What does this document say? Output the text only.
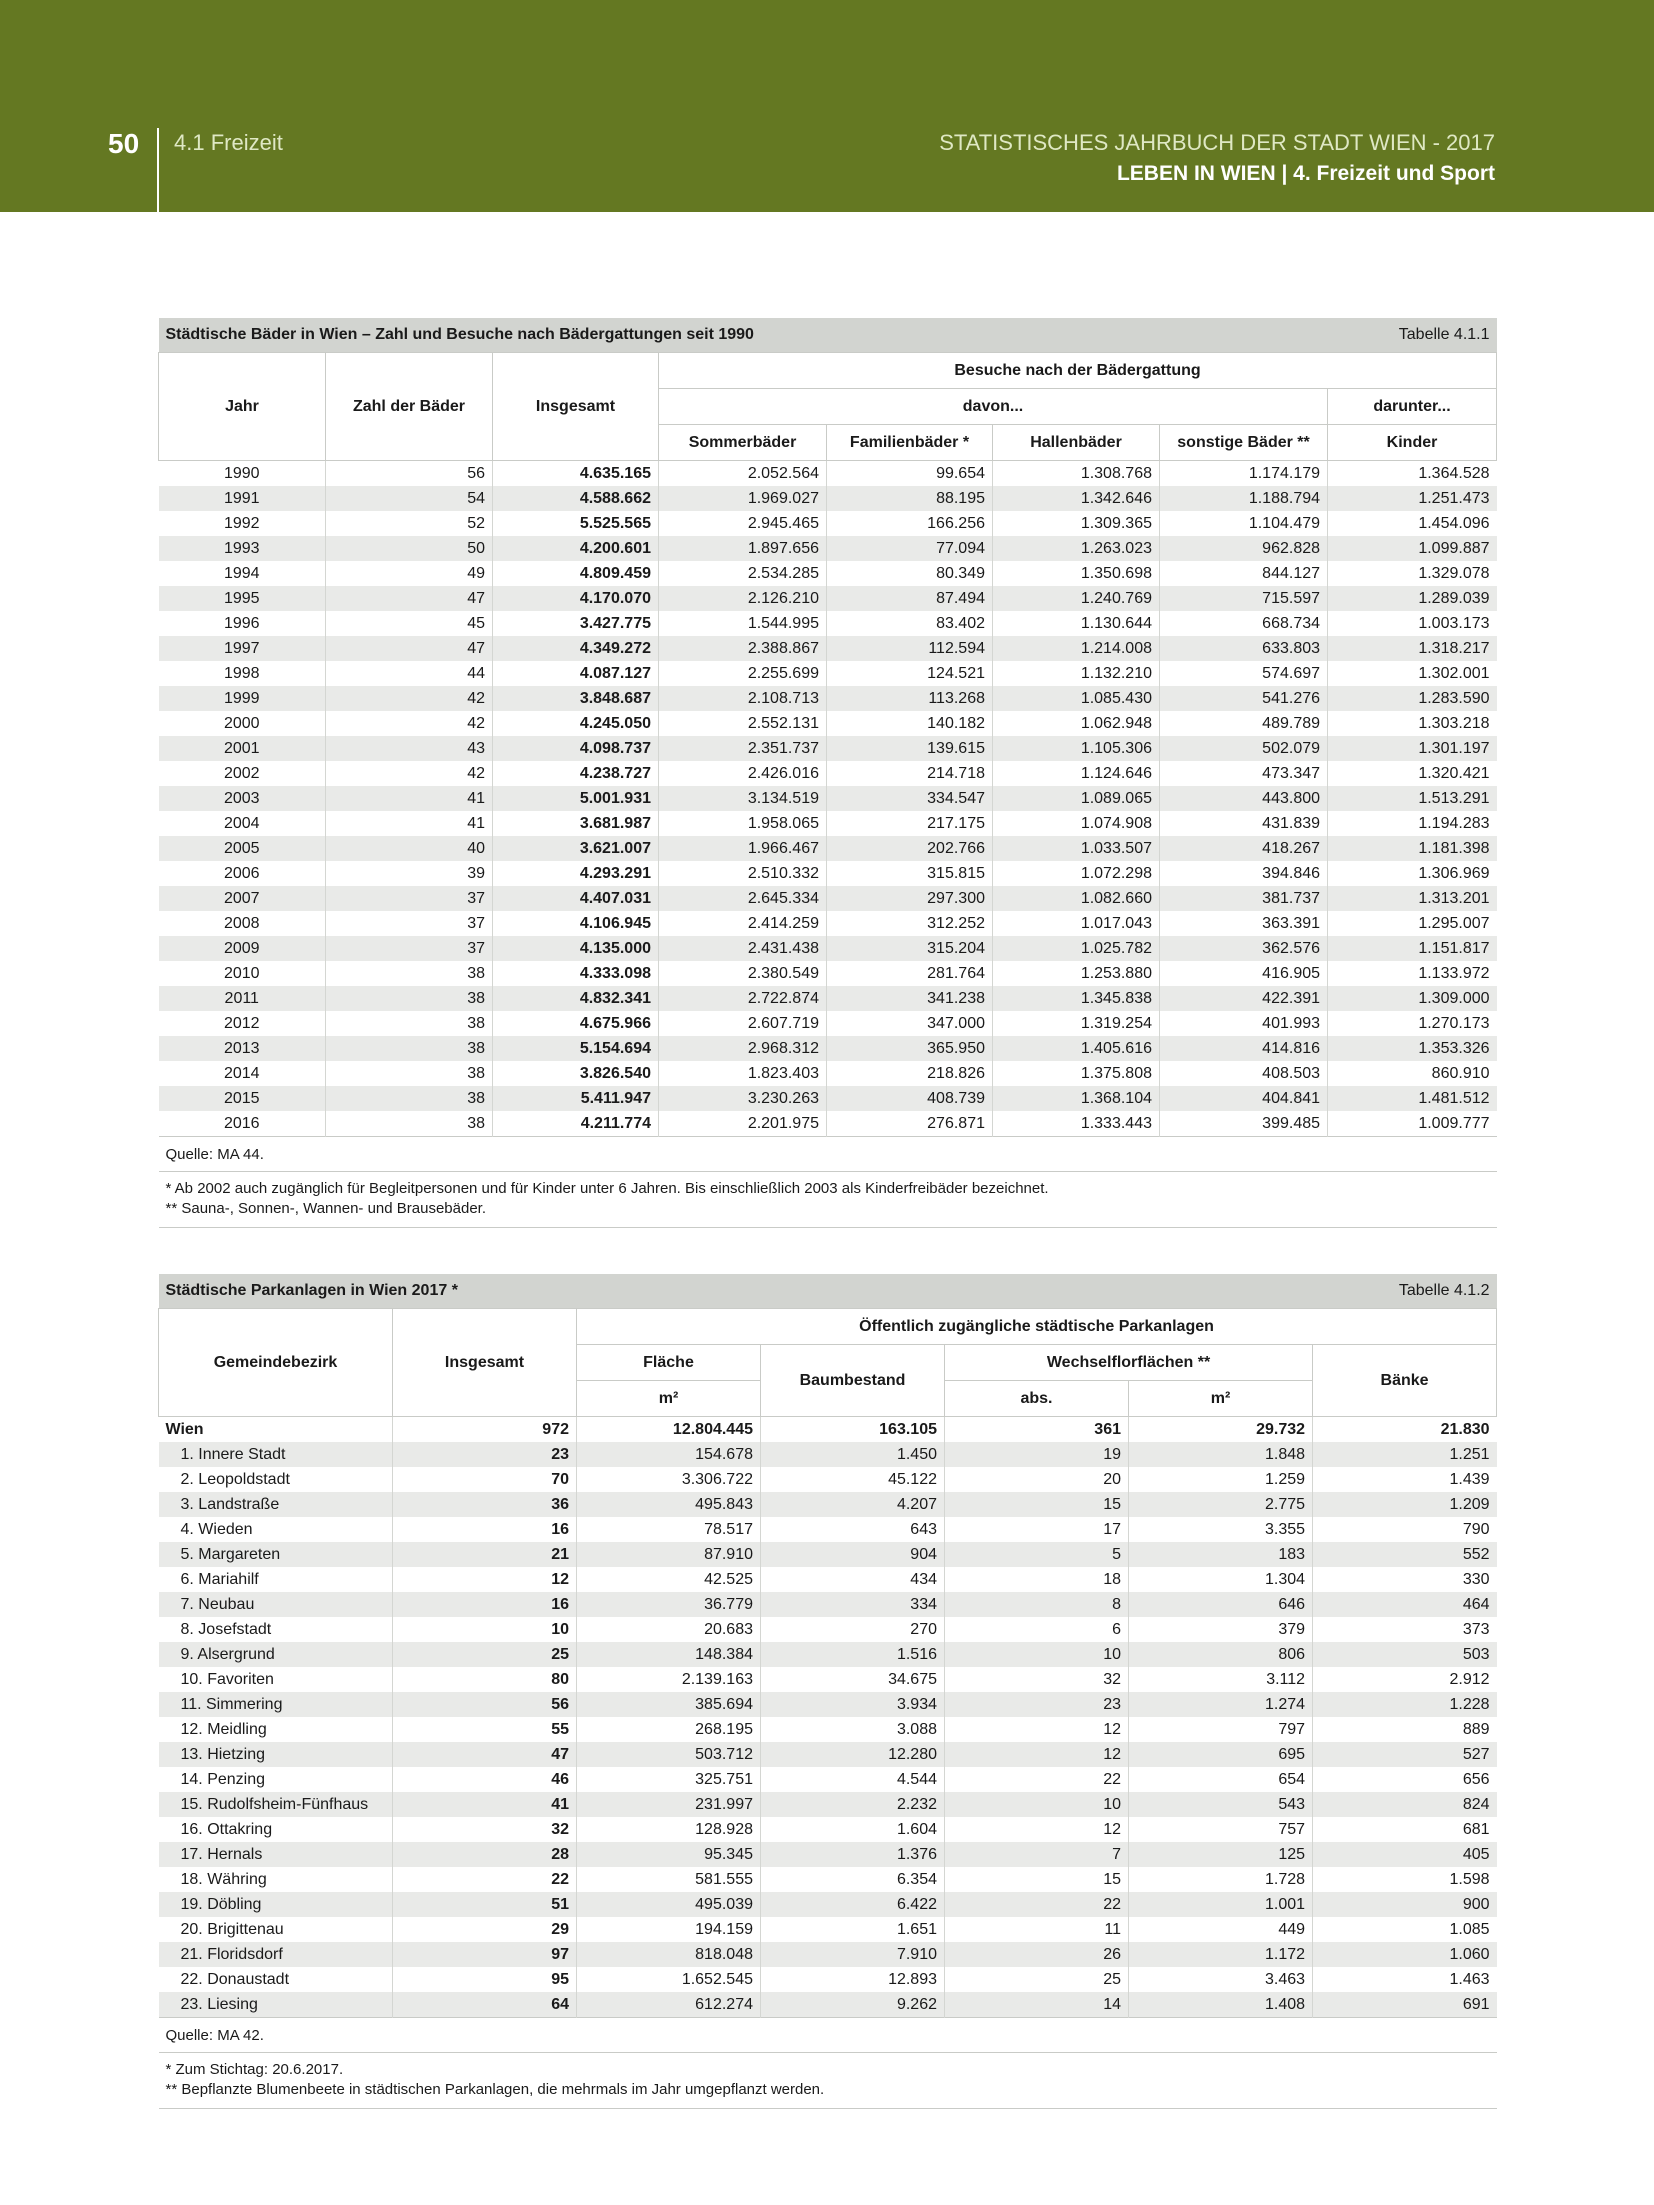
50 4.1 Freizeit	STATISTISCHES JAHRBUCH DER STADT WIEN - 2017
LEBEN IN WIEN | 4. Freizeit und Sport
Städtische Bäder in Wien – Zahl und Besuche nach Bädergattungen seit 1990							Tabelle 4.1.1
Jahr	Zahl der Bäder	Insgesamt	Besuche nach der Bädergattung				
			davon...				darunter...
			Sommerbäder	Familienbäder *	Hallenbäder	sonstige Bäder **	Kinder
1990	56	4.635.165	2.052.564	99.654	1.308.768	1.174.179	1.364.528
1991	54	4.588.662	1.969.027	88.195	1.342.646	1.188.794	1.251.473
1992	52	5.525.565	2.945.465	166.256	1.309.365	1.104.479	1.454.096
1993	50	4.200.601	1.897.656	77.094	1.263.023	962.828	1.099.887
1994	49	4.809.459	2.534.285	80.349	1.350.698	844.127	1.329.078
1995	47	4.170.070	2.126.210	87.494	1.240.769	715.597	1.289.039
1996	45	3.427.775	1.544.995	83.402	1.130.644	668.734	1.003.173
1997	47	4.349.272	2.388.867	112.594	1.214.008	633.803	1.318.217
1998	44	4.087.127	2.255.699	124.521	1.132.210	574.697	1.302.001
1999	42	3.848.687	2.108.713	113.268	1.085.430	541.276	1.283.590
2000	42	4.245.050	2.552.131	140.182	1.062.948	489.789	1.303.218
2001	43	4.098.737	2.351.737	139.615	1.105.306	502.079	1.301.197
2002	42	4.238.727	2.426.016	214.718	1.124.646	473.347	1.320.421
2003	41	5.001.931	3.134.519	334.547	1.089.065	443.800	1.513.291
2004	41	3.681.987	1.958.065	217.175	1.074.908	431.839	1.194.283
2005	40	3.621.007	1.966.467	202.766	1.033.507	418.267	1.181.398
2006	39	4.293.291	2.510.332	315.815	1.072.298	394.846	1.306.969
2007	37	4.407.031	2.645.334	297.300	1.082.660	381.737	1.313.201
2008	37	4.106.945	2.414.259	312.252	1.017.043	363.391	1.295.007
2009	37	4.135.000	2.431.438	315.204	1.025.782	362.576	1.151.817
2010	38	4.333.098	2.380.549	281.764	1.253.880	416.905	1.133.972
2011	38	4.832.341	2.722.874	341.238	1.345.838	422.391	1.309.000
2012	38	4.675.966	2.607.719	347.000	1.319.254	401.993	1.270.173
2013	38	5.154.694	2.968.312	365.950	1.405.616	414.816	1.353.326
2014	38	3.826.540	1.823.403	218.826	1.375.808	408.503	860.910
2015	38	5.411.947	3.230.263	408.739	1.368.104	404.841	1.481.512
2016	38	4.211.774	2.201.975	276.871	1.333.443	399.485	1.009.777
Quelle: MA 44.							

* Ab 2002 auch zugänglich für Begleitpersonen und für Kinder unter 6 Jahren. Bis einschließlich 2003 als Kinderfreibäder bezeichnet.
** Sauna-, Sonnen-, Wannen- und Brausebäder.							
Städtische Parkanlagen in Wien 2017 *						Tabelle 4.1.2
Gemeindebezirk	Insgesamt	Öffentlich zugängliche städtische Parkanlagen				
		Fläche	Baumbestand	Wechselflorflächen **		Bänke
		m²		abs.	m²	
Wien	972	12.804.445	163.105	361	29.732	21.830
1. Innere Stadt	23	154.678	1.450	19	1.848	1.251
2. Leopoldstadt	70	3.306.722	45.122	20	1.259	1.439
3. Landstraße	36	495.843	4.207	15	2.775	1.209
4. Wieden	16	78.517	643	17	3.355	790
5. Margareten	21	87.910	904	5	183	552
6. Mariahilf	12	42.525	434	18	1.304	330
7. Neubau	16	36.779	334	8	646	464
8. Josefstadt	10	20.683	270	6	379	373
9. Alsergrund	25	148.384	1.516	10	806	503
10. Favoriten	80	2.139.163	34.675	32	3.112	2.912
11. Simmering	56	385.694	3.934	23	1.274	1.228
12. Meidling	55	268.195	3.088	12	797	889
13. Hietzing	47	503.712	12.280	12	695	527
14. Penzing	46	325.751	4.544	22	654	656
15. Rudolfsheim-Fünfhaus	41	231.997	2.232	10	543	824
16. Ottakring	32	128.928	1.604	12	757	681
17. Hernals	28	95.345	1.376	7	125	405
18. Währing	22	581.555	6.354	15	1.728	1.598
19. Döbling	51	495.039	6.422	22	1.001	900
20. Brigittenau	29	194.159	1.651	11	449	1.085
21. Floridsdorf	97	818.048	7.910	26	1.172	1.060
22. Donaustadt	95	1.652.545	12.893	25	3.463	1.463
23. Liesing	64	612.274	9.262	14	1.408	691
Quelle: MA 42.						

* Zum Stichtag: 20.6.2017.
** Bepflanzte Blumenbeete in städtischen Parkanlagen, die mehrmals im Jahr umgepflanzt werden.						
